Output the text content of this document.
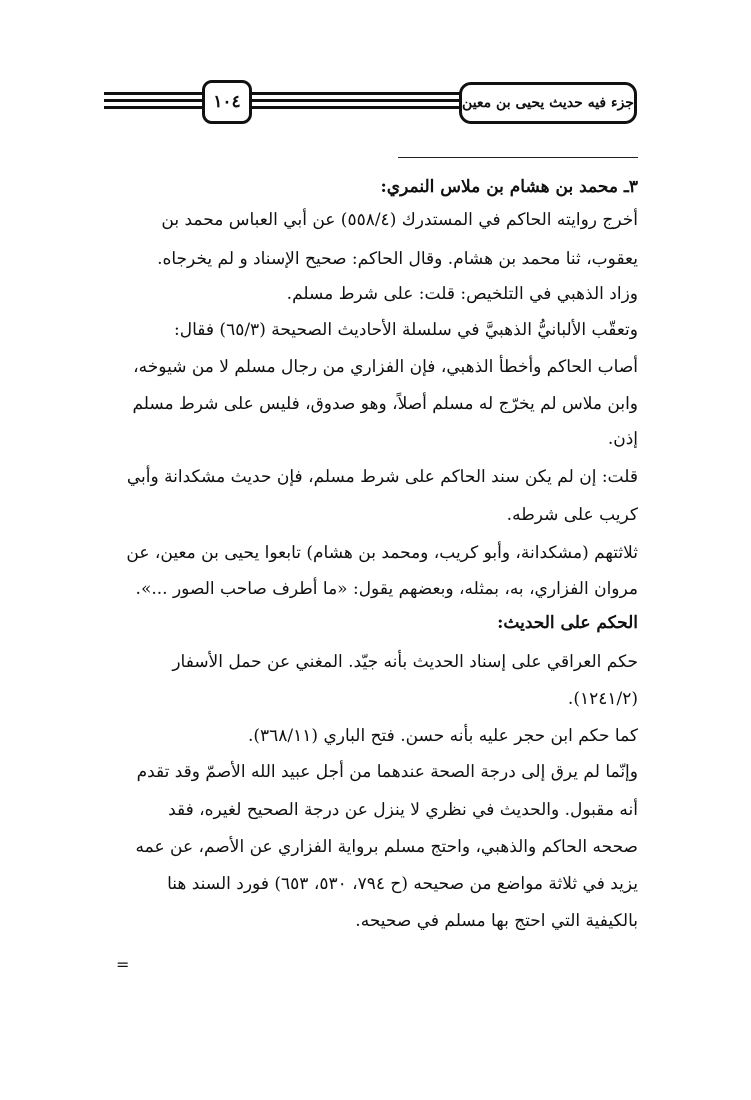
١٠٤	جزء فيه حديث يحيى بن معين
٣ـ محمد بن هشام بن ملاس النمري:
أخرج روايته الحاكم في المستدرك (٥٥٨/٤) عن أبي العباس محمد بن
يعقوب، ثنا محمد بن هشام. وقال الحاكم: صحيح الإسناد و لم يخرجاه.
وزاد الذهبي في التلخيص: قلت: على شرط مسلم.
وتعقّب الألبانيُّ الذهبيَّ في سلسلة الأحاديث الصحيحة (٦٥/٣) فقال:
أصاب الحاكم وأخطأ الذهبي، فإن الفزاري من رجال مسلم لا من شيوخه،
وابن ملاس لم يخرّج له مسلم أصلاً، وهو صدوق، فليس على شرط مسلم
إذن.
قلت: إن لم يكن سند الحاكم على شرط مسلم، فإن حديث مشكدانة وأبي
كريب على شرطه.
ثلاثتهم (مشكدانة، وأبو كريب، ومحمد بن هشام) تابعوا يحيى بن معين، عن
مروان الفزاري، به، بمثله، وبعضهم يقول: «ما أطرف صاحب الصور ...».
الحكم على الحديث:
حكم العراقي على إسناد الحديث بأنه جيّد. المغني عن حمل الأسفار
(١٢٤١/٢).
كما حكم ابن حجر عليه بأنه حسن. فتح الباري (٣٦٨/١١).
وإنّما لم يرق إلى درجة الصحة عندهما من أجل عبيد الله الأصمّ وقد تقدم
أنه مقبول. والحديث في نظري لا ينزل عن درجة الصحيح لغيره، فقد
صححه الحاكم والذهبي، واحتج مسلم برواية الفزاري عن الأصم، عن عمه
يزيد في ثلاثة مواضع من صحيحه (ح ٧٩٤، ٥٣٠، ٦٥٣) فورد السند هنا
بالكيفية التي احتج بها مسلم في صحيحه.
=
